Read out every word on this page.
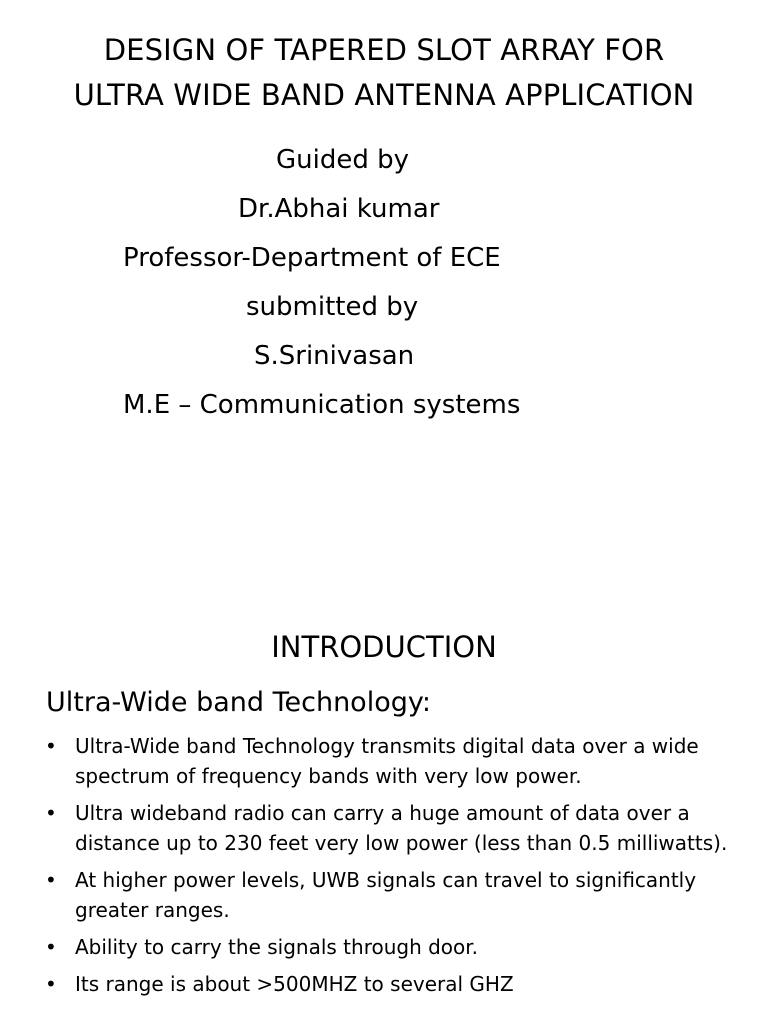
DESIGN OF TAPERED SLOT ARRAY FOR
ULTRA WIDE BAND ANTENNA APPLICATION

Guided by

Dr.Abhai kumar

Professor-Department of ECE

submitted by

S.Srinivasan

M.E – Communication systems

INTRODUCTION
Ultra-Wide band Technology:
• Ultra-Wide band Technology transmits digital data over a wide spectrum of frequency bands with very low power.
• Ultra wideband radio can carry a huge amount of data over a distance up to 230 feet very low power (less than 0.5 milliwatts).
• At higher power levels, UWB signals can travel to significantly greater ranges.
• Ability to carry the signals through door.
• Its range is about >500MHZ to several GHZ
